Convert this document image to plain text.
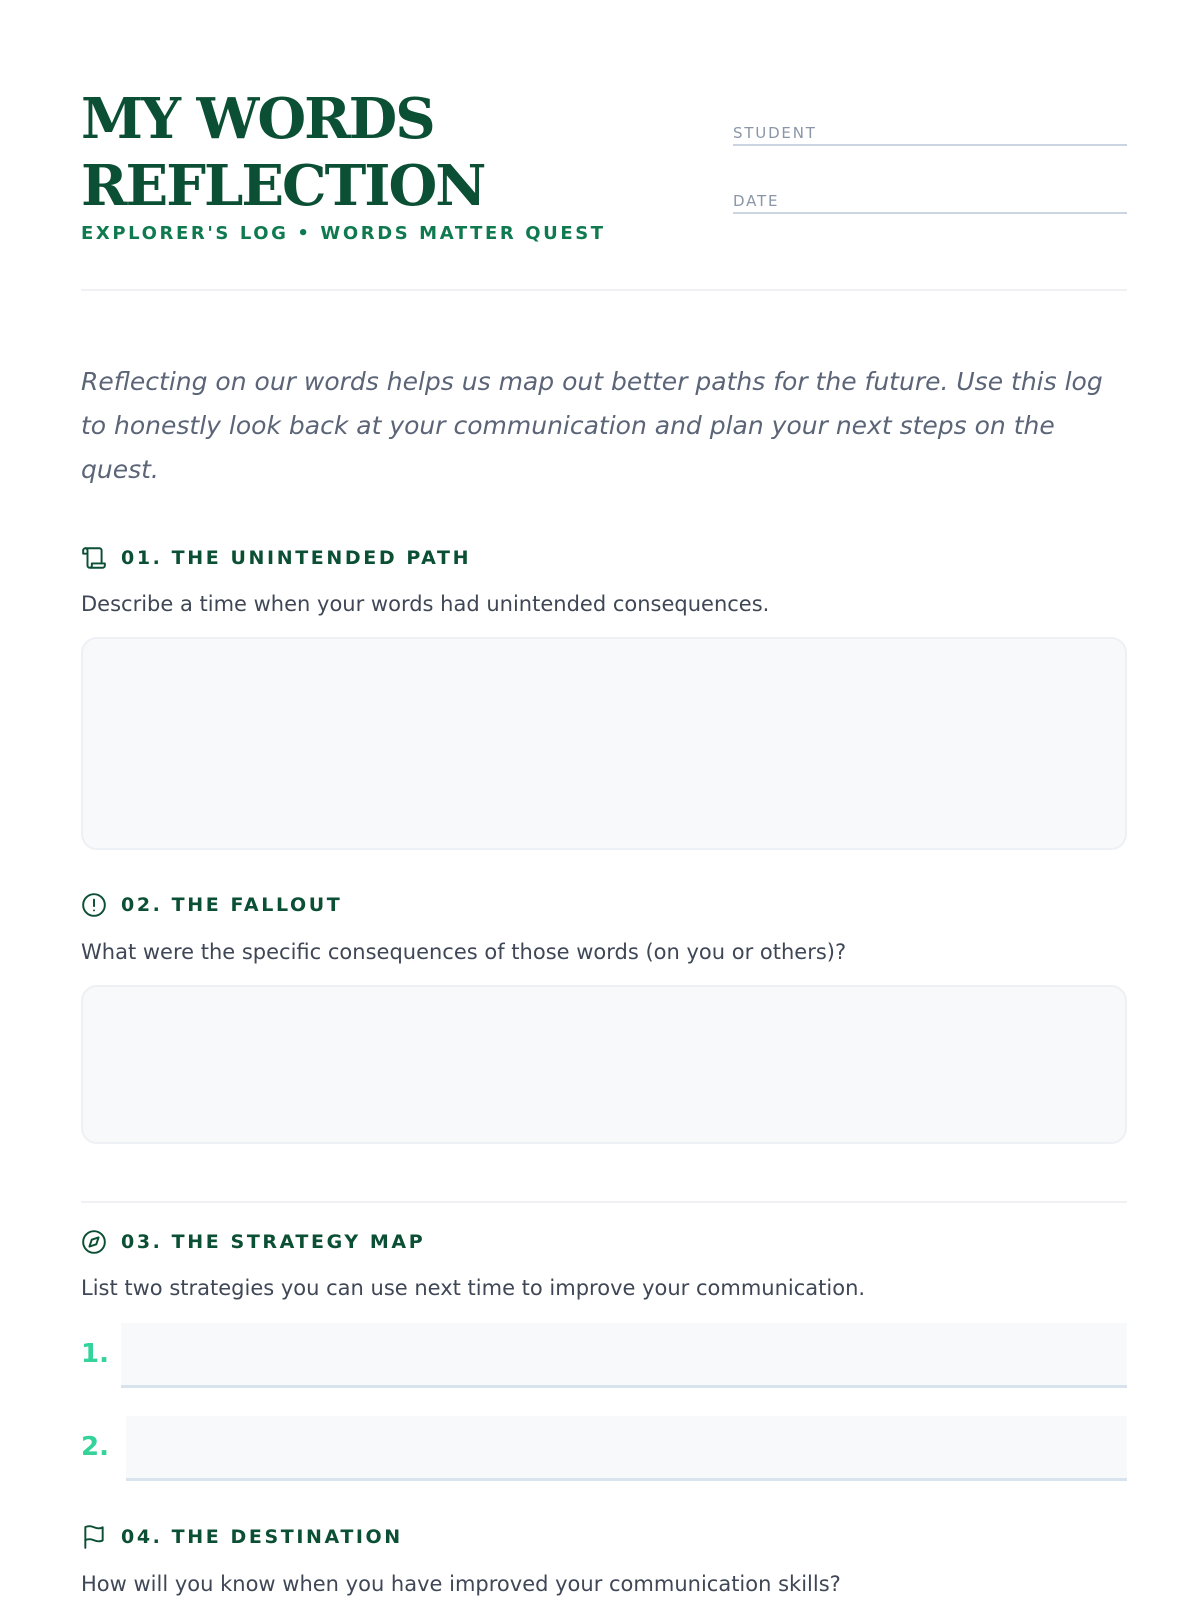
MY WORDS
REFLECTION
EXPLORER'S LOG • WORDS MATTER QUEST
STUDENT
DATE

Reflecting on our words helps us map out better paths for the future. Use this log to honestly look back at your communication and plan your next steps on the quest.

01. THE UNINTENDED PATH
Describe a time when your words had unintended consequences.
02. THE FALLOUT
What were the specific consequences of those words (on you or others)?
03. THE STRATEGY MAP
List two strategies you can use next time to improve your communication.
1.
2.
04. THE DESTINATION
How will you know when you have improved your communication skills?
